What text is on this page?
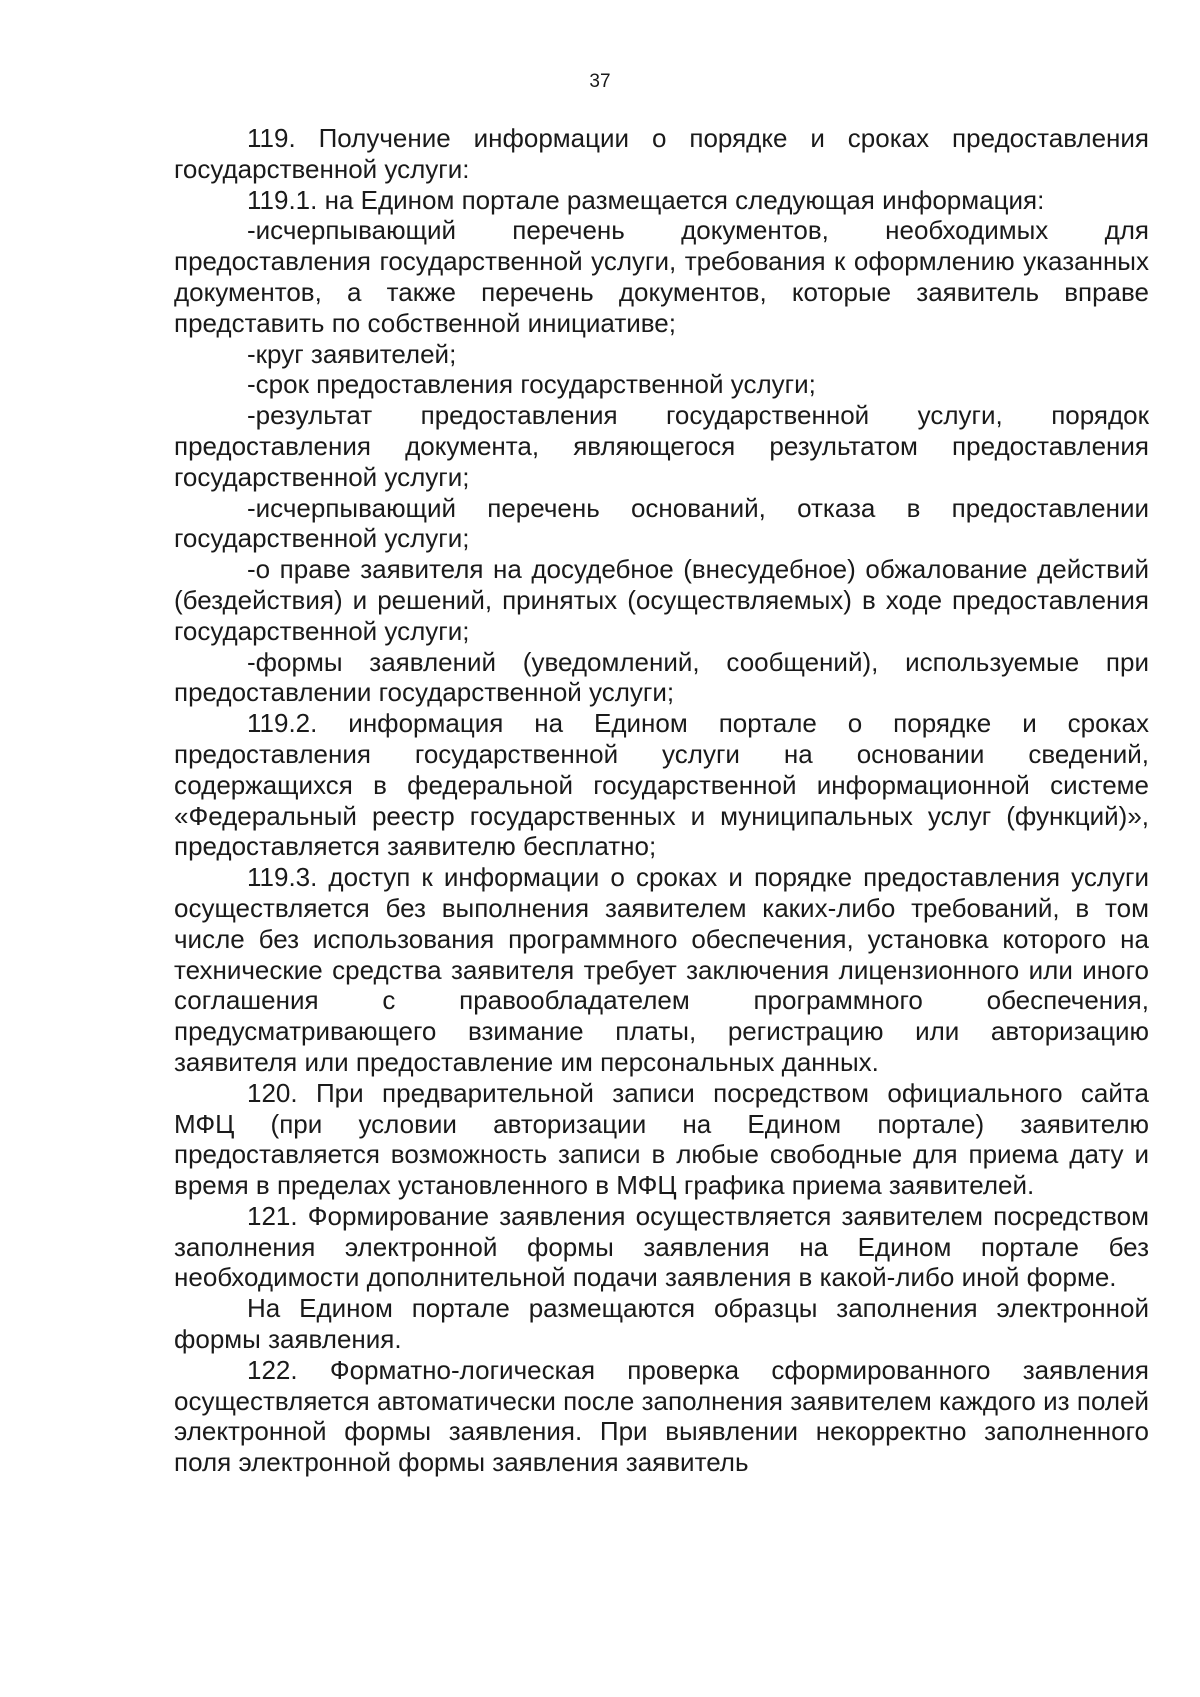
37

119. Получение информации о порядке и сроках предоставления государственной услуги:

119.1. на Едином портале размещается следующая информация:

-исчерпывающий перечень документов, необходимых для предоставления государственной услуги, требования к оформлению указанных документов, а также перечень документов, которые заявитель вправе представить по собственной инициативе;

-круг заявителей;

-срок предоставления государственной услуги;

-результат предоставления государственной услуги, порядок предоставления документа, являющегося результатом предоставления государственной услуги;

-исчерпывающий перечень оснований, отказа в предоставлении государственной услуги;

-о праве заявителя на досудебное (внесудебное) обжалование действий (бездействия) и решений, принятых (осуществляемых) в ходе предоставления государственной услуги;

-формы заявлений (уведомлений, сообщений), используемые при предоставлении государственной услуги;

119.2. информация на Едином портале о порядке и сроках предоставления государственной услуги на основании сведений, содержащихся в федеральной государственной информационной системе «Федеральный реестр государственных и муниципальных услуг (функций)», предоставляется заявителю бесплатно;

119.3. доступ к информации о сроках и порядке предоставления услуги осуществляется без выполнения заявителем каких-либо требований, в том числе без использования программного обеспечения, установка которого на технические средства заявителя требует заключения лицензионного или иного соглашения с правообладателем программного обеспечения, предусматривающего взимание платы, регистрацию или авторизацию заявителя или предоставление им персональных данных.

120. При предварительной записи посредством официального сайта МФЦ (при условии авторизации на Едином портале) заявителю предоставляется возможность записи в любые свободные для приема дату и время в пределах установленного в МФЦ графика приема заявителей.

121. Формирование заявления осуществляется заявителем посредством заполнения электронной формы заявления на Едином портале без необходимости дополнительной подачи заявления в какой-либо иной форме.

На Едином портале размещаются образцы заполнения электронной формы заявления.

122. Форматно-логическая проверка сформированного заявления осуществляется автоматически после заполнения заявителем каждого из полей электронной формы заявления. При выявлении некорректно заполненного поля электронной формы заявления заявитель
